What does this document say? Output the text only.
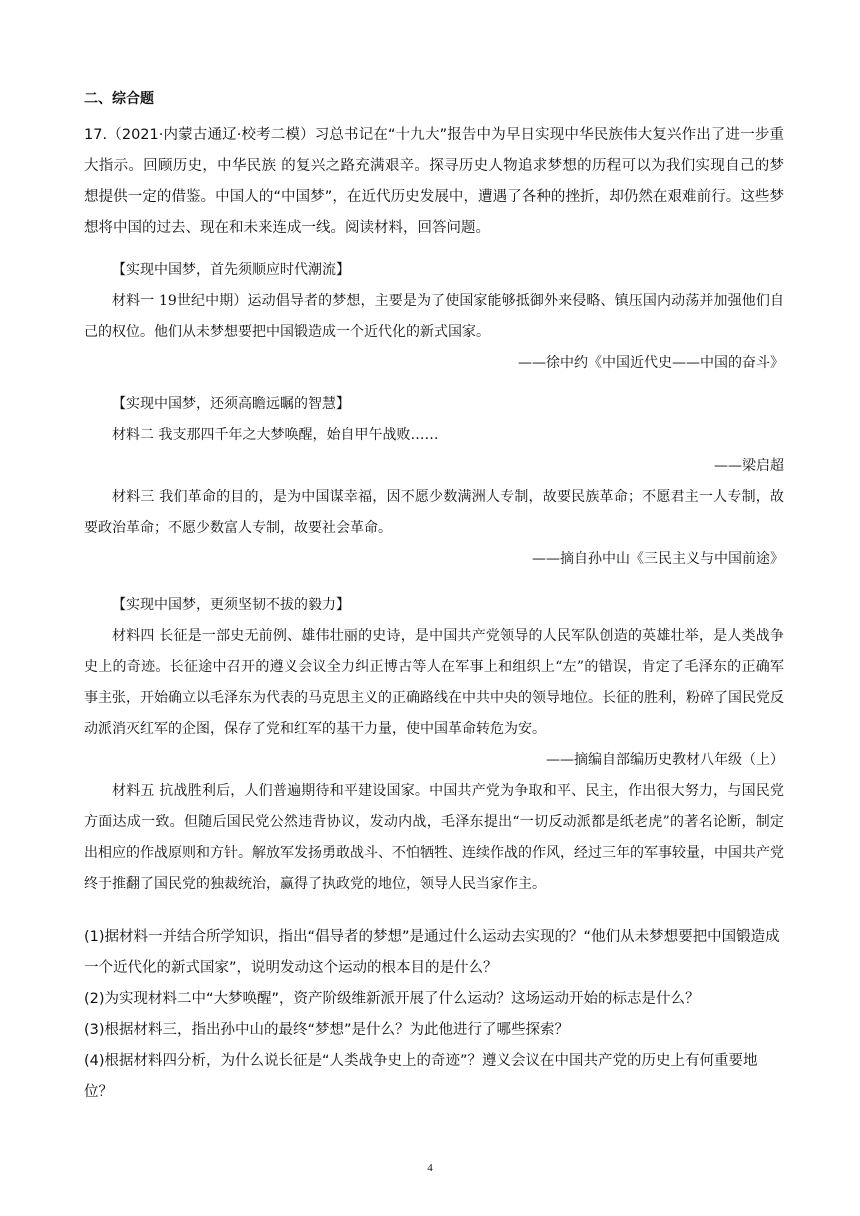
二、综合题
17.（2021·内蒙古通辽·校考二模）习总书记在“十九大”报告中为早日实现中华民族伟大复兴作出了进一步重大指示。回顾历史，中华民族 的复兴之路充满艰辛。探寻历史人物追求梦想的历程可以为我们实现自己的梦想提供一定的借鉴。中国人的“中国梦”，在近代历史发展中，遭遇了各种的挫折，却仍然在艰难前行。这些梦想将中国的过去、现在和未来连成一线。阅读材料，回答问题。
【实现中国梦，首先须顺应时代潮流】
材料一 19世纪中期）运动倡导者的梦想，主要是为了使国家能够抵御外来侵略、镇压国内动荡并加强他们自己的权位。他们从未梦想要把中国锻造成一个近代化的新式国家。
——徐中约《中国近代史——中国的奋斗》
【实现中国梦，还须高瞻远瞩的智慧】
材料二 我支那四千年之大梦唤醒，始自甲午战败……
——梁启超
材料三 我们革命的目的，是为中国谋幸福，因不愿少数满洲人专制，故要民族革命；不愿君主一人专制，故要政治革命；不愿少数富人专制，故要社会革命。
——摘自孙中山《三民主义与中国前途》
【实现中国梦，更须坚韧不拔的毅力】
材料四 长征是一部史无前例、雄伟壮丽的史诗，是中国共产党领导的人民军队创造的英雄壮举，是人类战争史上的奇迹。长征途中召开的遵义会议全力纠正博古等人在军事上和组织上“左”的错误，肯定了毛泽东的正确军事主张，开始确立以毛泽东为代表的马克思主义的正确路线在中共中央的领导地位。长征的胜利，粉碎了国民党反动派消灭红军的企图，保存了党和红军的基干力量，使中国革命转危为安。
——摘编自部编历史教材八年级（上）
材料五 抗战胜利后，人们普遍期待和平建设国家。中国共产党为争取和平、民主，作出很大努力，与国民党方面达成一致。但随后国民党公然违背协议，发动内战，毛泽东提出“一切反动派都是纸老虎”的著名论断，制定出相应的作战原则和方针。解放军发扬勇敢战斗、不怕牺牲、连续作战的作风，经过三年的军事较量，中国共产党终于推翻了国民党的独裁统治，赢得了执政党的地位，领导人民当家作主。
(1)据材料一并结合所学知识，指出“倡导者的梦想”是通过什么运动去实现的？“他们从未梦想要把中国锻造成一个近代化的新式国家”，说明发动这个运动的根本目的是什么？
(2)为实现材料二中“大梦唤醒”，资产阶级维新派开展了什么运动？这场运动开始的标志是什么？
(3)根据材料三，指出孙中山的最终“梦想”是什么？为此他进行了哪些探索？
(4)根据材料四分析，为什么说长征是“人类战争史上的奇迹”？遵义会议在中国共产党的历史上有何重要地位？
4
